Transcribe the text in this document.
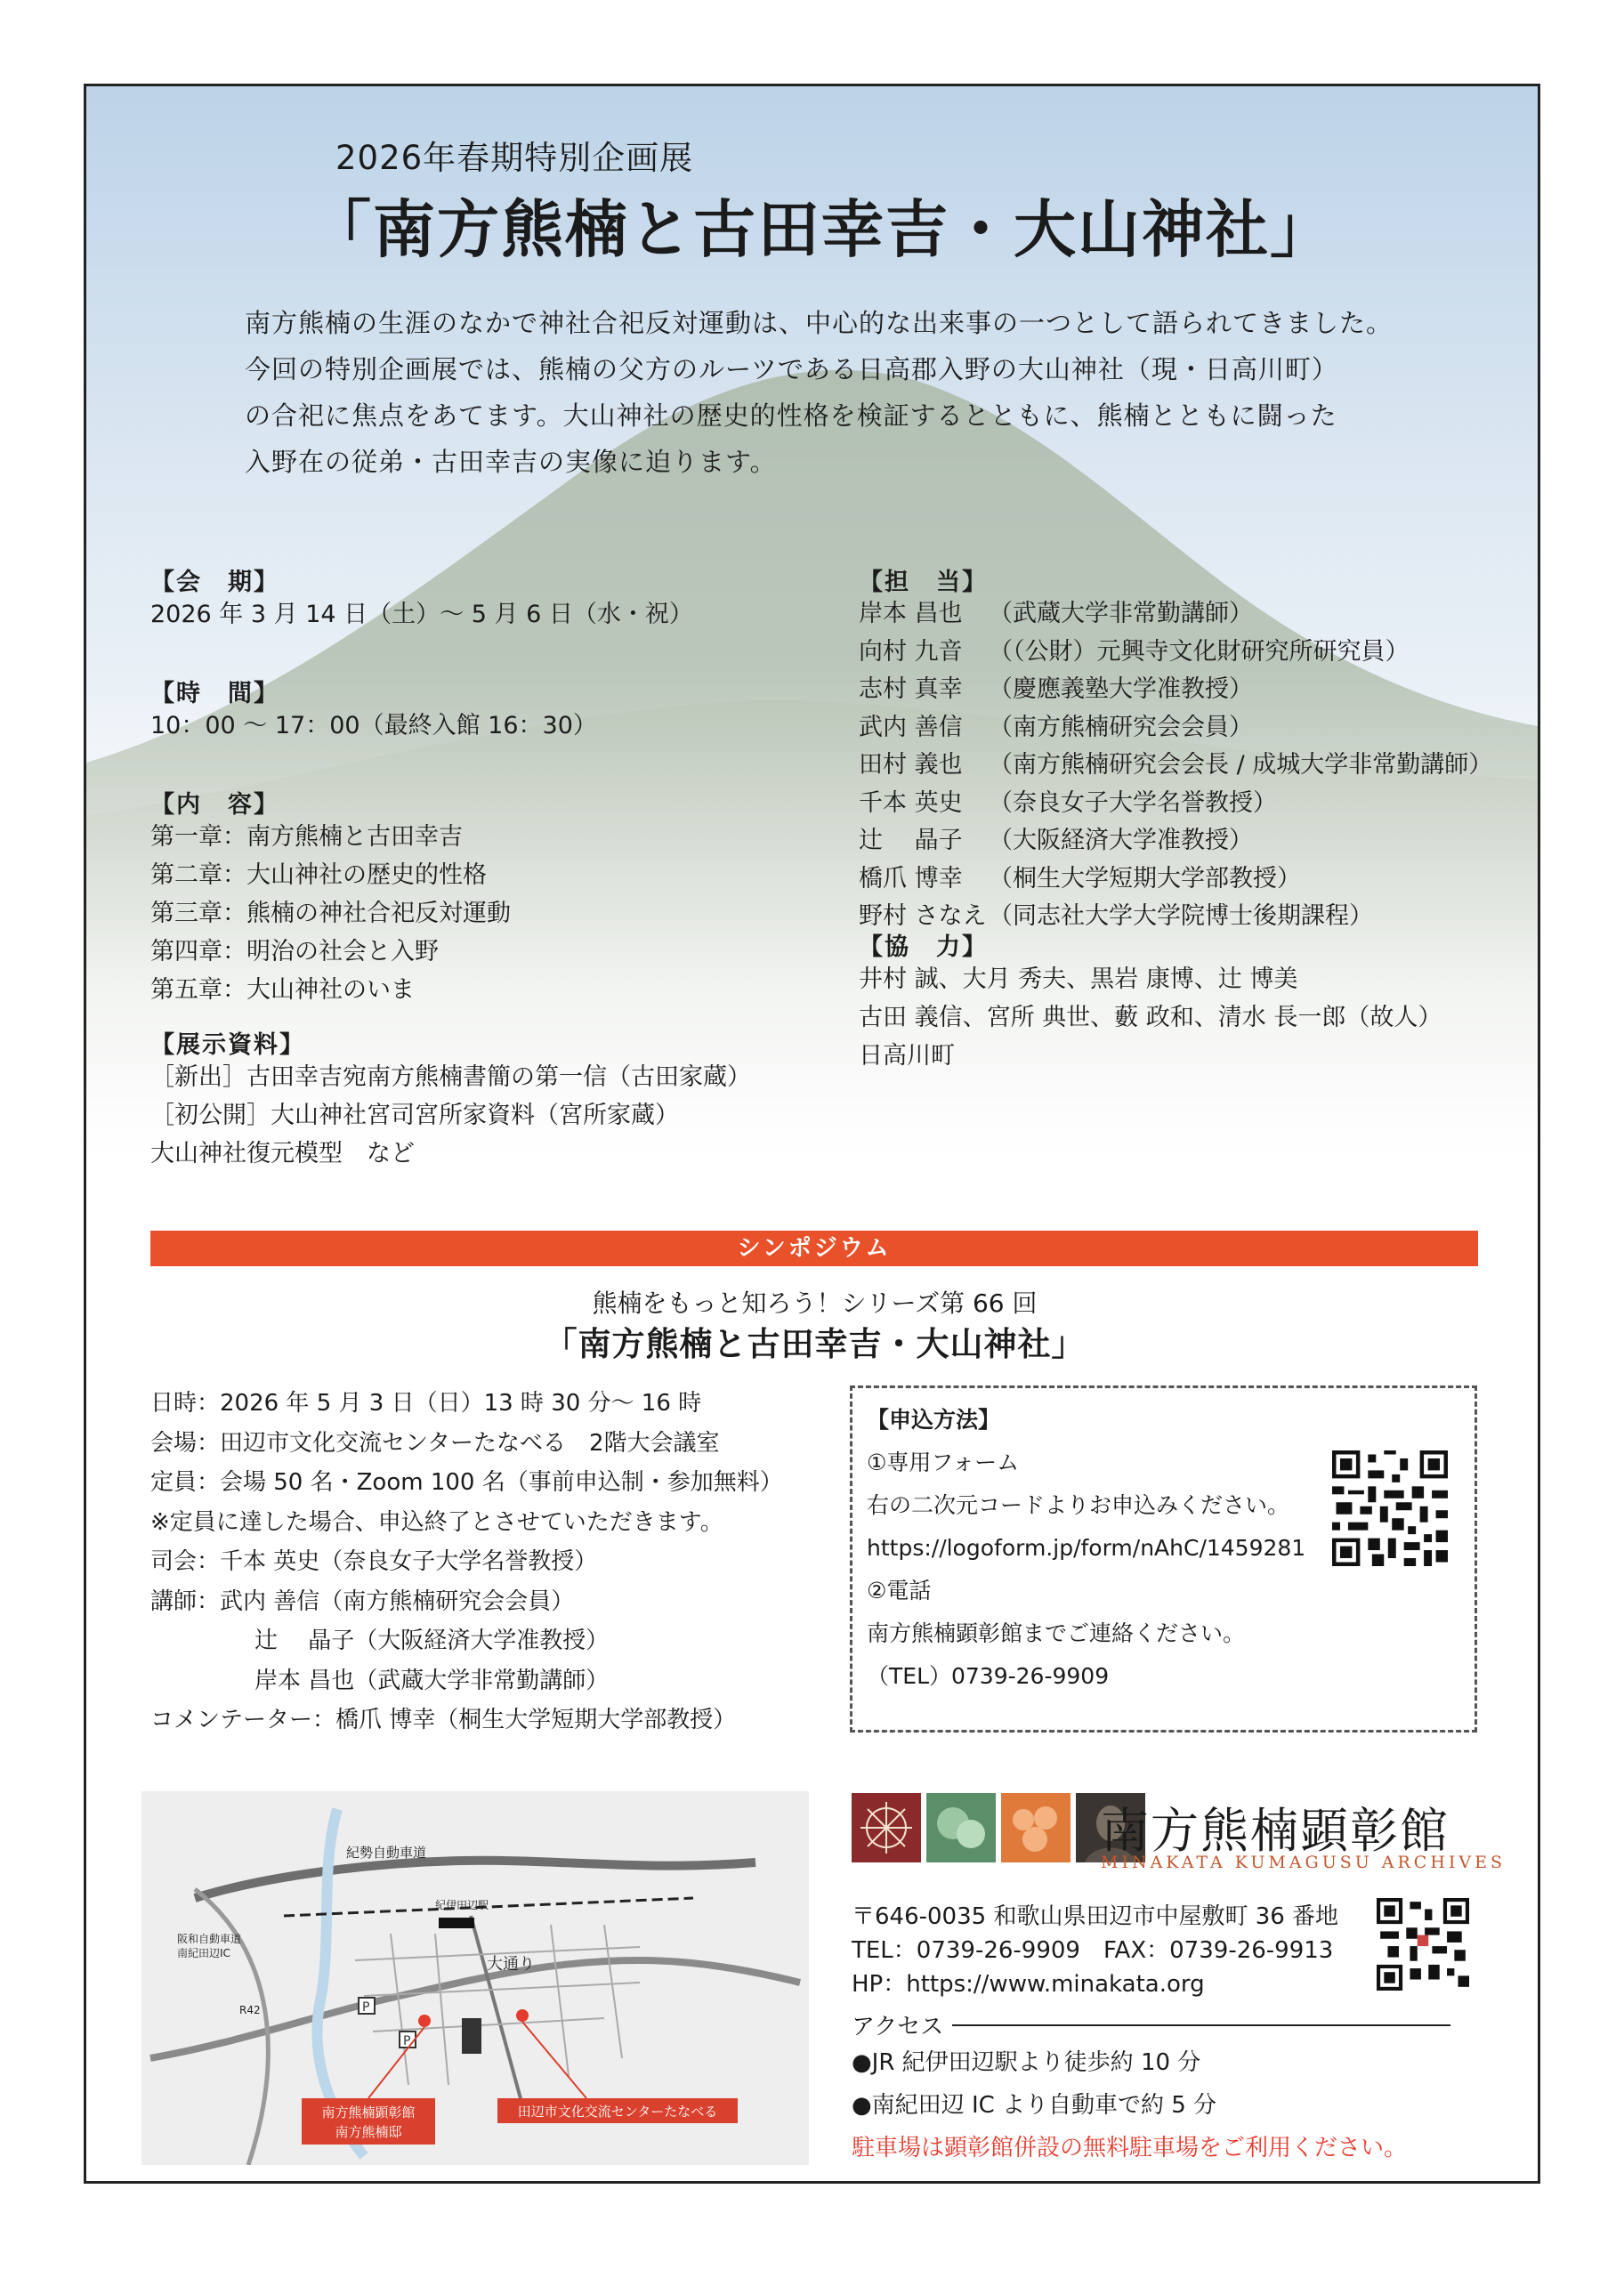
2026年春期特別企画展
「南方熊楠と古田幸吉・大山神社」

南方熊楠の生涯のなかで神社合祀反対運動は、中心的な出来事の一つとして語られてきました。

今回の特別企画展では、熊楠の父方のルーツである日高郡入野の大山神社（現・日高川町）

の合祀に焦点をあてます。大山神社の歴史的性格を検証するとともに、熊楠とともに闘った

入野在の従弟・古田幸吉の実像に迫ります。

【会　期】
2026 年 3 月 14 日（土）～ 5 月 6 日（水・祝）
【時　間】
10：00 ～ 17：00（最終入館 16：30）
【内　容】

第一章：南方熊楠と古田幸吉

第二章：大山神社の歴史的性格

第三章：熊楠の神社合祀反対運動

第四章：明治の社会と入野

第五章：大山神社のいま

【展示資料】

［新出］古田幸吉宛南方熊楠書簡の第一信（古田家蔵）

［初公開］大山神社宮司宮所家資料（宮所家蔵）

大山神社復元模型　など

【担　当】
岸本 昌也	（武蔵大学非常勤講師）
向村 九音	（（公財）元興寺文化財研究所研究員）
志村 真幸	（慶應義塾大学准教授）
武内 善信	（南方熊楠研究会会員）
田村 義也	（南方熊楠研究会会長 / 成城大学非常勤講師）
千本 英史	（奈良女子大学名誉教授）
辻　 晶子	（大阪経済大学准教授）
橋爪 博幸	（桐生大学短期大学部教授）
野村 さなえ （同志社大学大学院博士後期課程）
【協　力】

井村 誠、大月 秀夫、黒岩 康博、辻 博美

古田 義信、宮所 典世、藪 政和、清水 長一郎（故人）

日高川町

シンポジウム
熊楠をもっと知ろう！シリーズ第 66 回
「南方熊楠と古田幸吉・大山神社」
日時：2026 年 5 月 3 日（日）13 時 30 分～ 16 時
会場：田辺市文化交流センターたなべる　2階大会議室
定員：会場 50 名・Zoom 100 名（事前申込制・参加無料）
※定員に達した場合、申込終了とさせていただきます。
司会：千本 英史（奈良女子大学名誉教授）
講師：武内 善信（南方熊楠研究会会員）
辻　 晶子（大阪経済大学准教授）
岸本 昌也（武蔵大学非常勤講師）
コメンテーター：橋爪 博幸（桐生大学短期大学部教授）
【申込方法】
①専用フォーム
右の二次元コードよりお申込みください。
https://logoform.jp/form/nAhC/1459281
②電話
南方熊楠顕彰館までご連絡ください。
（TEL）0739-26-9909
P
P
紀勢自動車道
紀伊田辺駅
阪和自動車道南紀田辺IC
R42
大通り
南方熊楠顕彰館
南方熊楠邸
田辺市文化交流センターたなべる
南方熊楠顕彰館
MINAKATA KUMAGUSU ARCHIVES
〒646-0035 和歌山県田辺市中屋敷町 36 番地
TEL：0739-26-9909　FAX：0739-26-9913
HP：https://www.minakata.org
アクセス
●JR 紀伊田辺駅より徒歩約 10 分
●南紀田辺 IC より自動車で約 5 分
駐車場は顕彰館併設の無料駐車場をご利用ください。
